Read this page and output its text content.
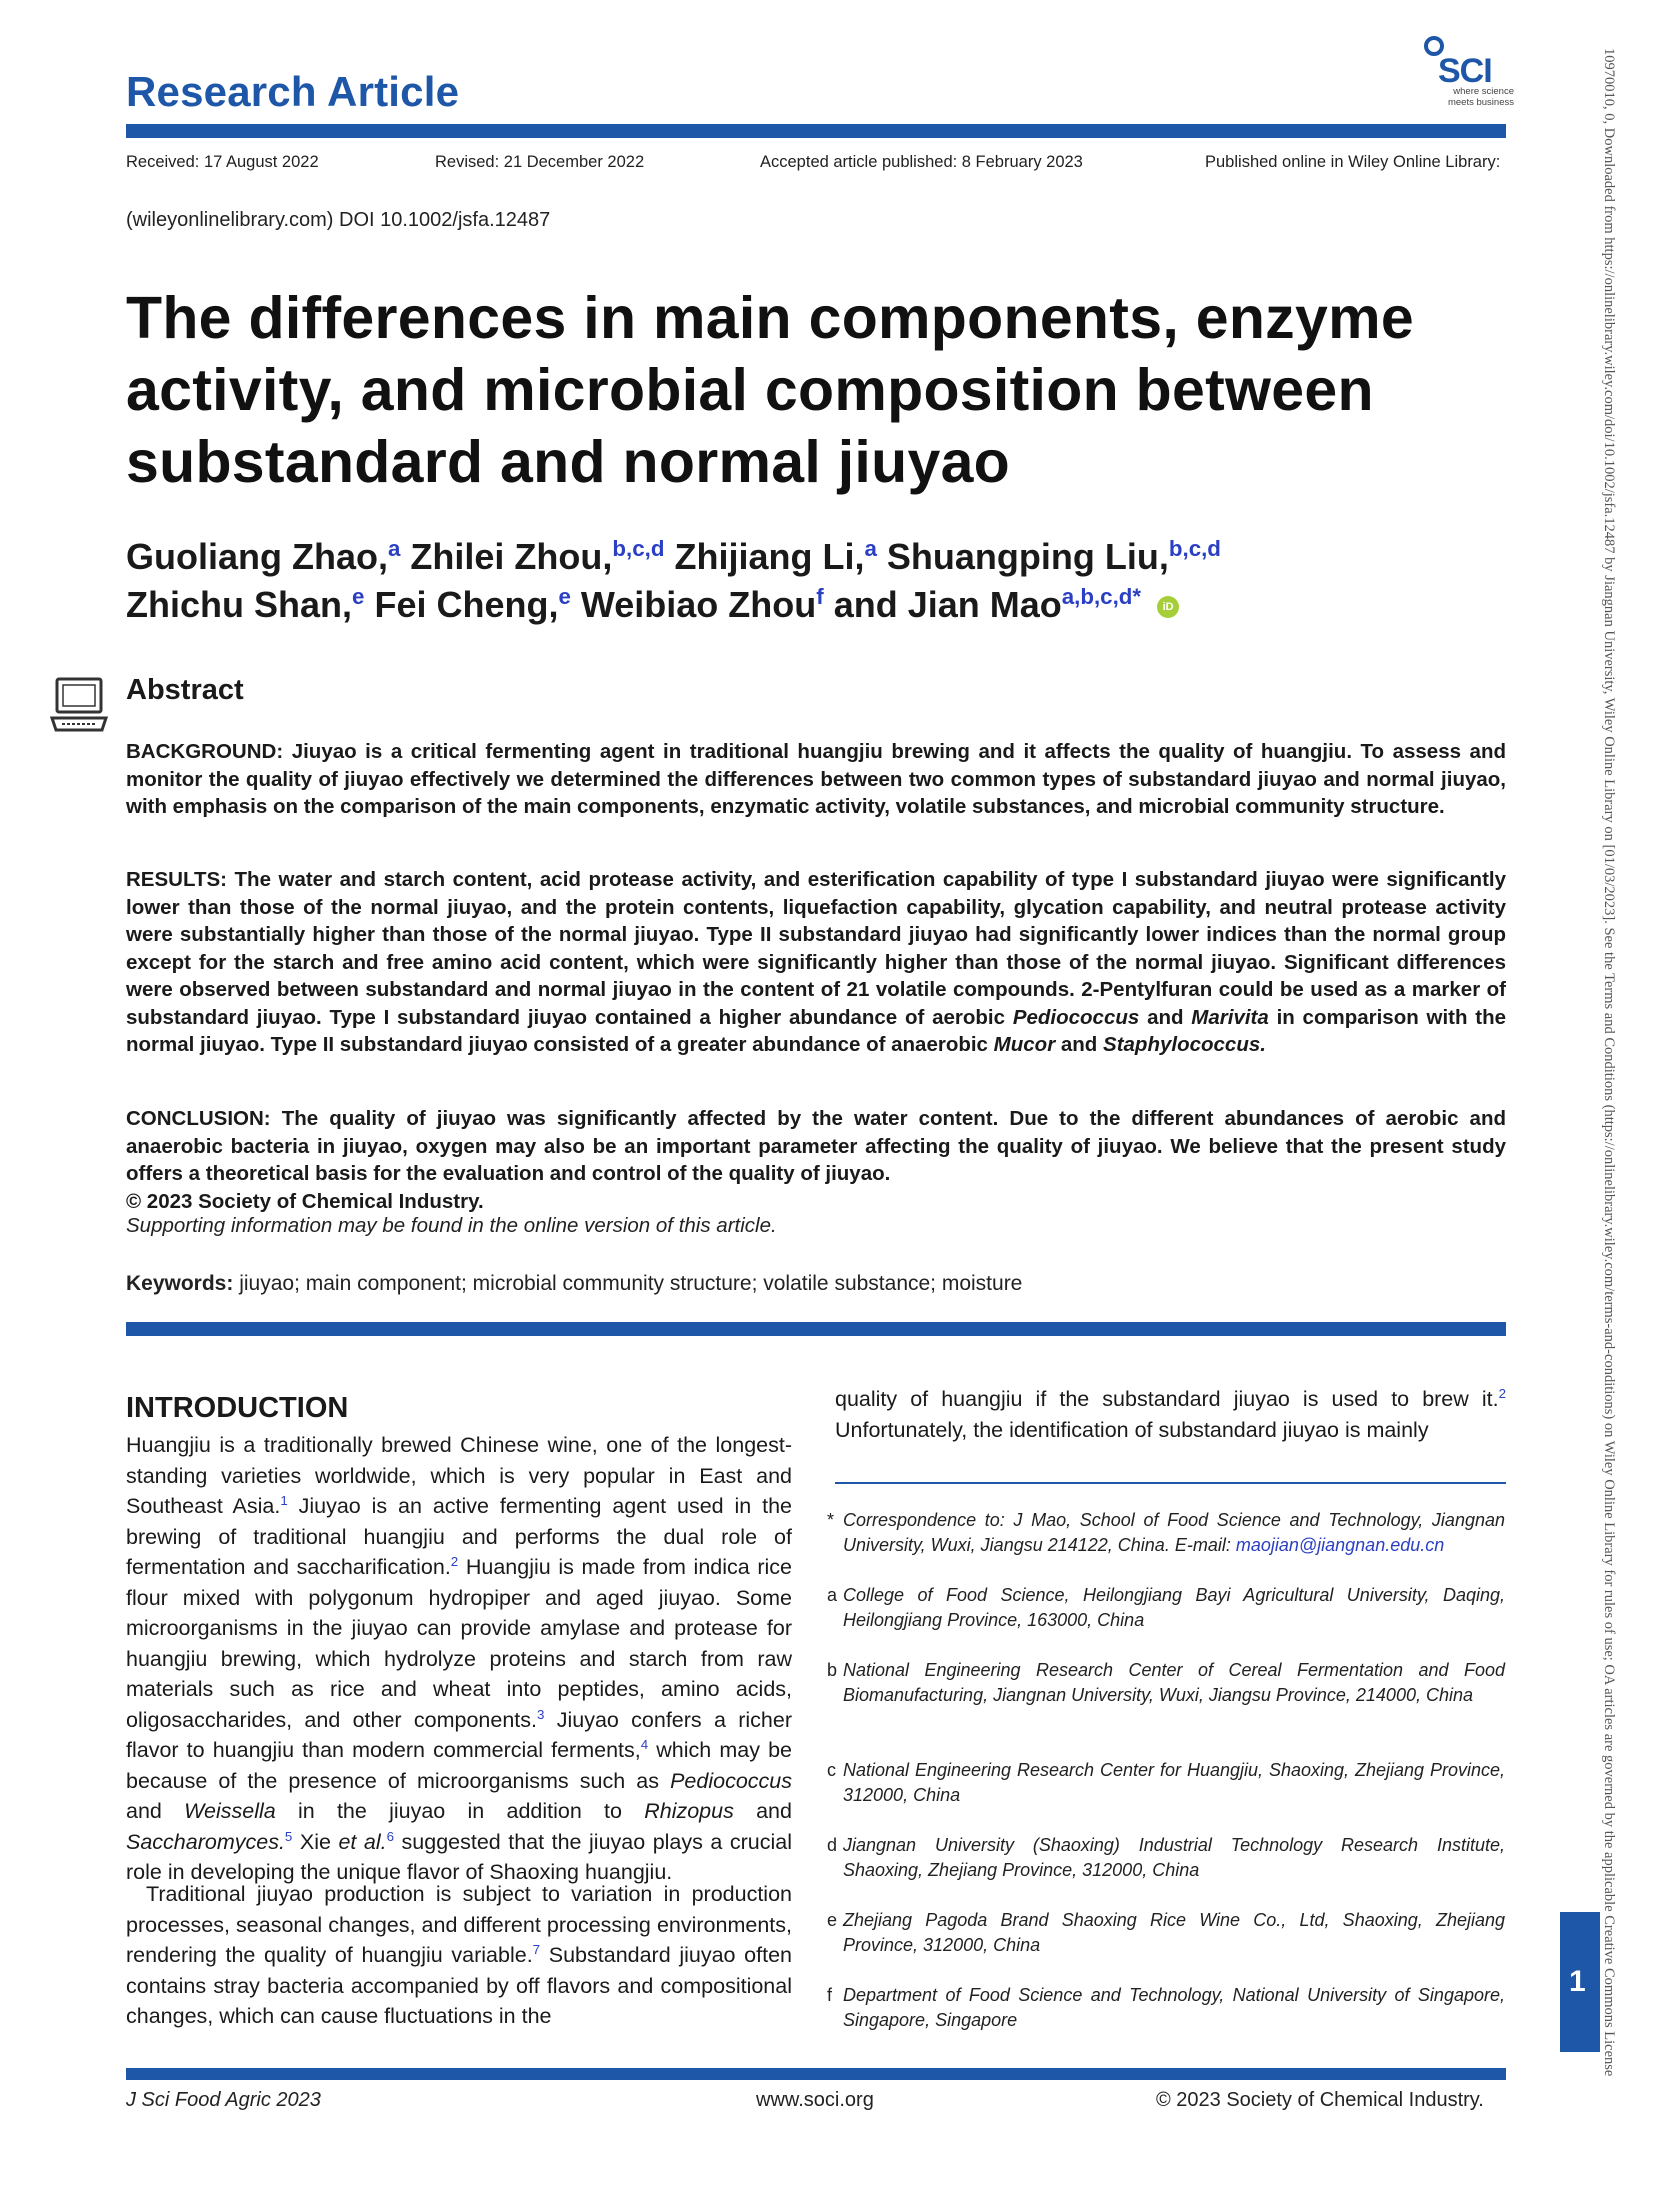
Research Article	SCI
where science meets business
Received: 17 August 2022	Revised: 21 December 2022	Accepted article published: 8 February 2023	Published online in Wiley Online Library:
(wileyonlinelibrary.com) DOI 10.1002/jsfa.12487
The differences in main components, enzyme activity, and microbial composition between substandard and normal jiuyao
Guoliang Zhao,$^a$ Zhilei Zhou,$^{b,c,d}$ Zhijiang Li,$^a$ Shuangping Liu,$^{b,c,d}$
Zhichu Shan,$^e$ Fei Cheng,$^e$ Weibiao Zhou$^f$ and Jian Mao$^{a,b,c,d*}$ iD
Abstract
BACKGROUND: Jiuyao is a critical fermenting agent in traditional huangjiu brewing and it affects the quality of huangjiu. To assess and monitor the quality of jiuyao effectively we determined the differences between two common types of substandard jiuyao and normal jiuyao, with emphasis on the comparison of the main components, enzymatic activity, volatile substances, and microbial community structure.
RESULTS: The water and starch content, acid protease activity, and esterification capability of type I substandard jiuyao were significantly lower than those of the normal jiuyao, and the protein contents, liquefaction capability, glycation capability, and neutral protease activity were substantially higher than those of the normal jiuyao. Type II substandard jiuyao had significantly lower indices than the normal group except for the starch and free amino acid content, which were significantly higher than those of the normal jiuyao. Significant differences were observed between substandard and normal jiuyao in the content of 21 volatile compounds. 2-Pentylfuran could be used as a marker of substandard jiuyao. Type I substandard jiuyao contained a higher abundance of aerobic Pediococcus and Marivita in comparison with the normal jiuyao. Type II substandard jiuyao consisted of a greater abundance of anaerobic Mucor and Staphylococcus.
CONCLUSION: The quality of jiuyao was significantly affected by the water content. Due to the different abundances of aerobic and anaerobic bacteria in jiuyao, oxygen may also be an important parameter affecting the quality of jiuyao. We believe that the present study offers a theoretical basis for the evaluation and control of the quality of jiuyao.
© 2023 Society of Chemical Industry.
Supporting information may be found in the online version of this article.
Keywords: jiuyao; main component; microbial community structure; volatile substance; moisture
INTRODUCTION
Huangjiu is a traditionally brewed Chinese wine, one of the longest-standing varieties worldwide, which is very popular in East and Southeast Asia.$^1$ Jiuyao is an active fermenting agent used in the brewing of traditional huangjiu and performs the dual role of fermentation and saccharification.$^2$ Huangjiu is made from indica rice flour mixed with polygonum hydropiper and aged jiuyao. Some microorganisms in the jiuyao can provide amylase and protease for huangjiu brewing, which hydrolyze proteins and starch from raw materials such as rice and wheat into peptides, amino acids, oligosaccharides, and other components.$^3$ Jiuyao confers a richer flavor to huangjiu than modern commercial ferments,$^4$ which may be because of the presence of microorganisms such as Pediococcus and Weissella in the jiuyao in addition to Rhizopus and Saccharomyces.$^5$ Xie et al.$^6$ suggested that the jiuyao plays a crucial role in developing the unique flavor of Shaoxing huangjiu.
Traditional jiuyao production is subject to variation in production processes, seasonal changes, and different processing environments, rendering the quality of huangjiu variable.$^7$ Substandard jiuyao often contains stray bacteria accompanied by off flavors and compositional changes, which can cause fluctuations in the
quality of huangjiu if the substandard jiuyao is used to brew it.$^2$ Unfortunately, the identification of substandard jiuyao is mainly
* Correspondence to: J Mao, School of Food Science and Technology, Jiangnan University, Wuxi, Jiangsu 214122, China. E-mail: maojian@jiangnan.edu.cn
a College of Food Science, Heilongjiang Bayi Agricultural University, Daqing, Heilongjiang Province, 163000, China
b National Engineering Research Center of Cereal Fermentation and Food Biomanufacturing, Jiangnan University, Wuxi, Jiangsu Province, 214000, China
c National Engineering Research Center for Huangjiu, Shaoxing, Zhejiang Province, 312000, China
d Jiangnan University (Shaoxing) Industrial Technology Research Institute, Shaoxing, Zhejiang Province, 312000, China
e Zhejiang Pagoda Brand Shaoxing Rice Wine Co., Ltd, Shaoxing, Zhejiang Province, 312000, China
f Department of Food Science and Technology, National University of Singapore, Singapore, Singapore
J Sci Food Agric 2023	www.soci.org	© 2023 Society of Chemical Industry.
1 10970010, 0, Downloaded from https://onlinelibrary.wiley.com/doi/10.1002/jsfa.12487 by Jiangnan University, Wiley Online Library on [01/03/2023]. See the Terms and Conditions (https://onlinelibrary.wiley.com/terms-and-conditions) on Wiley Online Library for rules of use; OA articles are governed by the applicable Creative Commons License
